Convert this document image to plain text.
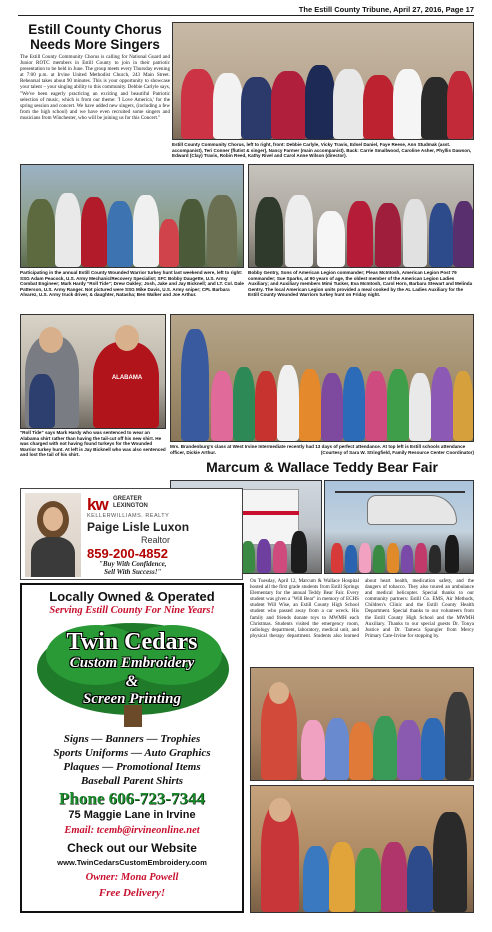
The Estill County Tribune, April 27, 2016, Page 17
Estill County Chorus
Needs More Singers
The Estill County Community Chorus is calling for National Guard and Junior ROTC members in Estill County to join in their patriotic presentation to be held in June. The group meets every Thursday evening at 7:00 p.m. at Irvine United Methodist Church, 243 Main Street. Rehearsal takes about 90 minutes. This is your opportunity to showcase your talent – your singing ability to this community. Debbie Carlyle says, "We've been eagerly practicing an exciting and beautiful Patriotic selection of music, which is from our theme: 'I Love America,' for the spring session and concert. We have added new singers, (including a few from the high school) and we have even recruited some singers and musicians from Winchester, who will be joining us for this Concert."
Estill County Community Chorus, left to right, front: Debbie Carlyle, Vicky Travis, Edsel Daniel, Faye Reese, Ann Studmak (asst. accompanist), Teri Conner (flutist & singer), Nancy Farmer (main accompanist). Back: Carrie Smallwood, Caroline Asher, Phyllis Dawson, Edward (Clay) Travis, Robin Reed, Kathy Rivel and Carol Anne Wilson (director).
Participating in the annual Estill County Wounded Warrior turkey hunt last weekend were, left to right: SSG Adam Peacock, U.S. Army Mechanic/Recovery Specialist; SFC Bobby Daugette, U.S. Army Combat Engineer; Mark Hardy "Roll Tide"; Drew Oakley; Josh, Jake and Jay Bicknell; and LT. Col. Dale Patterson, U.S. Army Ranger. Not pictured were SSG Mike Davis, U.S. Army sniper; CPL Barbara Alvarez, U.S. Army truck driver, & daughter, Natasha; Ben Walker and Joe Arthur.
Bobby Gentry, Sons of American Legion commander; Pleas McIntosh, American Legion Post 79 commander; Sue Sparks, at 90 years of age, the oldest member of the American Legion Ladies Auxiliary; and Auxiliary members Mimi Tucker, Eva McIntosh, Carol Horn, Barbara Stewart and Melinda Gentry. The local American Legion units provided a meal cooked by the AL Ladies Auxiliary for the Estill County Wounded Warriors turkey hunt on Friday night.
ALABAMA
"Roll Tide" says Mark Hardy who was sentenced to wear an Alabama shirt rather than having the tail-cut off his new shirt. He was charged with not having found turkeys for the Wounded Warrior turkey hunt. At left is Jay Bicknell who was also sentenced and lost the tail of his shirt.
Mrs. Brandenburg's class at West Irvine Intermediate recently had 13 days of perfect attendance. At top left is Estill schools attendance officer, Dickie Arthur.	(Courtesy of Sara W. Stringfield, Family Resource Center Coordinator)
Marcum & Wallace Teddy Bear Fair
On Tuesday, April 12, Marcum & Wallace Hospital hosted all the first grade students from Estill Springs Elementary for the annual Teddy Bear Fair. Every student was given a "Will Bear" in memory of ECHS student Will Wise, an Estill County High School student who passed away from a car wreck. His family and friends donate toys to MWMH each Christmas. Students visited the emergency room, radiology department, laboratory, medical unit, and physical therapy department. Students also learned about heart health, medication safety, and the dangers of tobacco. They also toured an ambulance and medical helicopter. Special thanks to our community partners: Estill Co. EMS, Air Methods, Children's Clinic and the Estill County Health Department. Special thanks to our volunteers from the Estill County High School and the MWMH Auxiliary. Thanks to our special guests Dr. Tonya Justice and Dr. Tameca Spangler from Mercy Primary Care-Irvine for stopping by.
kw GREATER
LEXINGTON
KELLERWILLIAMS. REALTY
Paige Lisle Luxon
Realtor
859-200-4852
"Buy With Confidence,
Sell With Success!"
Locally Owned & Operated
Serving Estill County For Nine Years!
Twin Cedars
Custom Embroidery
&
Screen Printing
Signs — Banners — Trophies
Sports Uniforms — Auto Graphics
Plaques — Promotional Items
Baseball Parent Shirts
Phone 606-723-7344
75 Maggie Lane in Irvine
Email: tcemb@irvineonline.net
Check out our Website
www.TwinCedarsCustomEmbroidery.com
Owner: Mona Powell
Free Delivery!
